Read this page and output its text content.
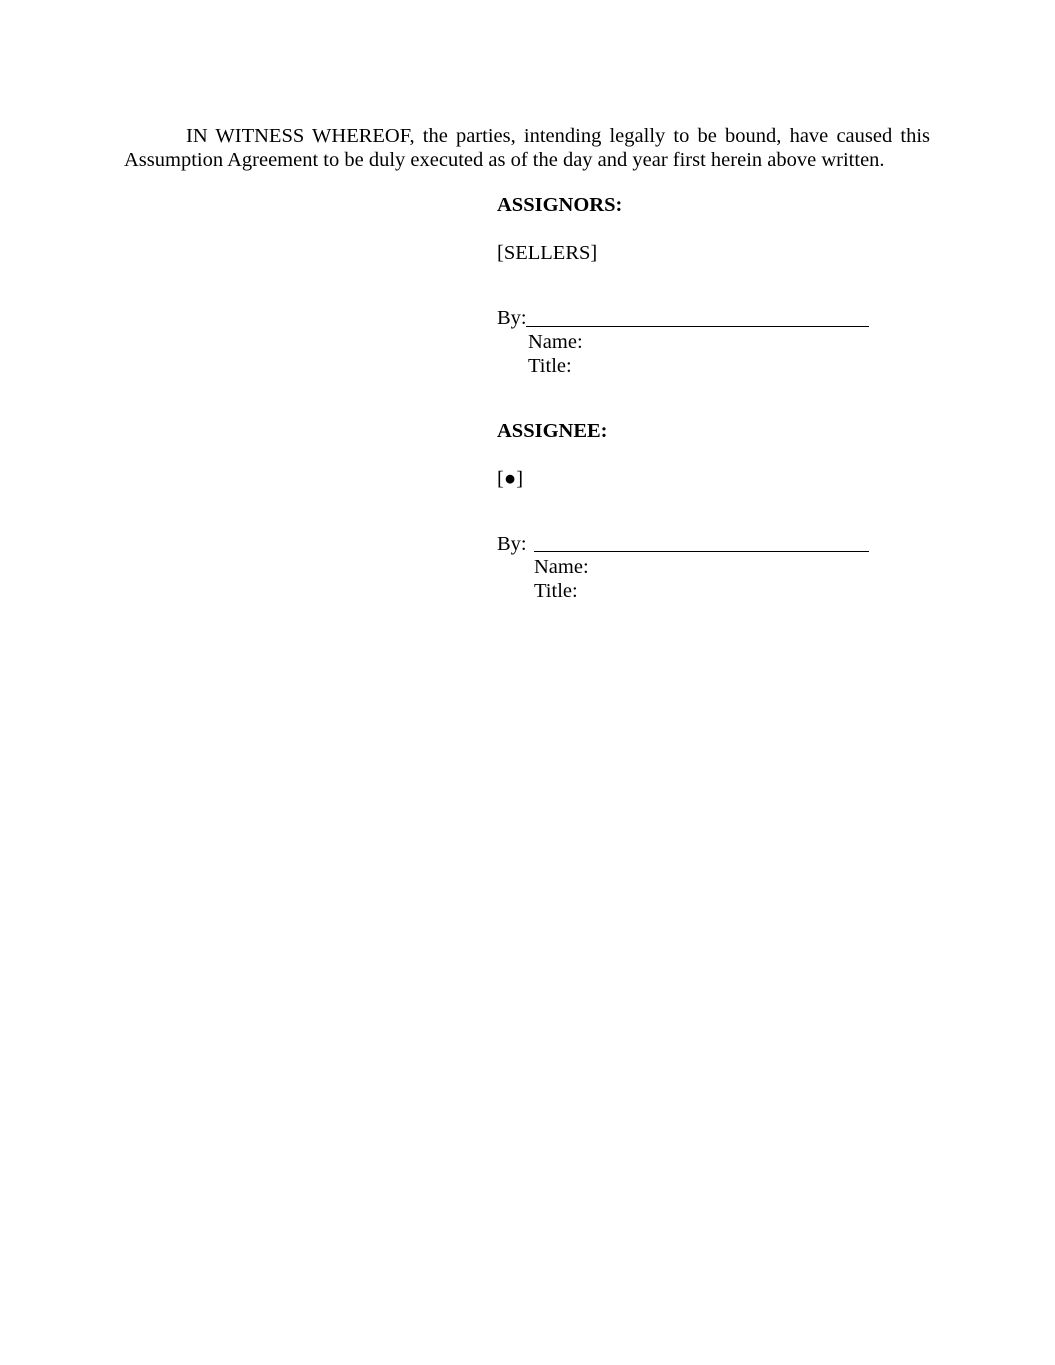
IN WITNESS WHEREOF, the parties, intending legally to be bound, have caused this Assumption Agreement to be duly executed as of the day and year first herein above written.

ASSIGNORS:
[SELLERS]
By:
Name:
Title:
ASSIGNEE:
[●]
By:
Name:
Title:
